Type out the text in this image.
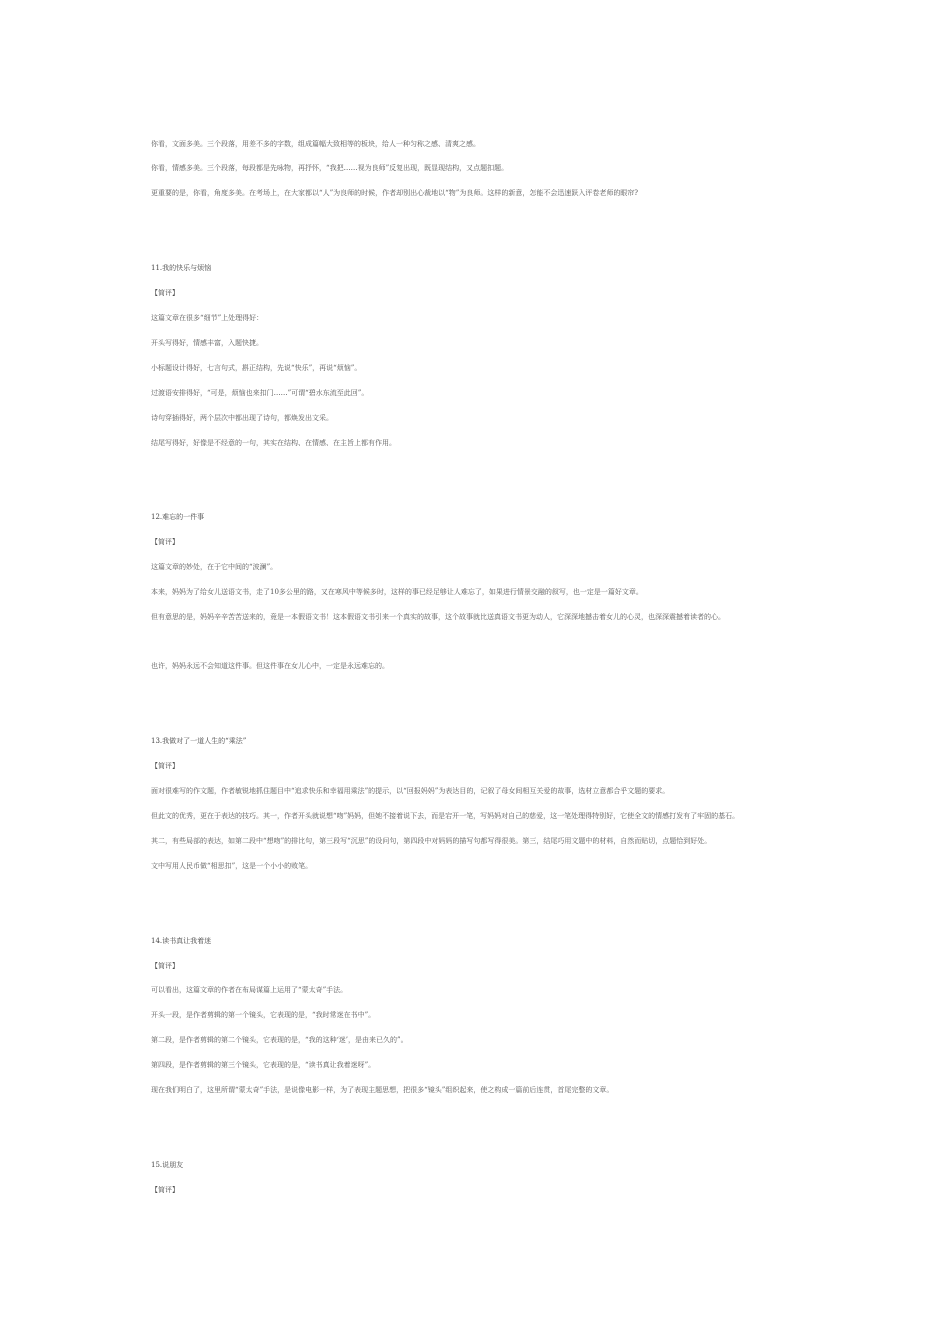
你看，文面多美。三个段落，用差不多的字数，组成篇幅大致相等的板块，给人一种匀称之感、清爽之感。
你看，情感多美。三个段落，每段都是先咏物，再抒怀，“我把……视为良师”反复出现，既显现结构，又点题扣题。
更重要的是，你看，角度多美。在考场上，在大家都以“人”为良师的时候，作者却别出心裁地以“物”为良师。这样的新意，怎能不会迅速跃入评卷老师的眼帘?
11.我的快乐与烦恼
【简评】
这篇文章在很多“细节”上处理得好：
开头写得好，情感丰富，入题快捷。
小标题设计得好，七言句式，斟正结构，先说“快乐”，再说“烦恼”。
过渡语安排得好，“可是，烦恼也来扣门……”可谓“碧水东流至此回”。
诗句穿插得好，两个层次中都出现了诗句，都焕发出文采。
结尾写得好，好像是不经意的一句，其实在结构、在情感、在主旨上都有作用。
12.难忘的一件事
【简评】
这篇文章的妙处，在于它中间的“波澜”。
本来，妈妈为了给女儿送语文书，走了10多公里的路，又在寒风中等候多时，这样的事已经足够让人难忘了，如果进行情景交融的叙写，也一定是一篇好文章。
但有意思的是，妈妈辛辛苦苦送来的，竟是一本假语文书！这本假语文书引来一个真实的故事，这个故事就比送真语文书更为动人，它深深地撼击着女儿的心灵，也深深震撼着读者的心。
也许，妈妈永远不会知道这件事。但这件事在女儿心中，一定是永远难忘的。
13.我做对了一道人生的“乘法”
【简评】
面对很难写的作文题，作者敏锐地抓住题目中“追求快乐和幸福用乘法”的提示，以“回报妈妈”为表达目的，记叙了母女间相互关爱的故事，选材立意都合乎文题的要求。
但此文的优秀，更在于表达的技巧。其一，作者开头就说想“吻”妈妈，但她不接着说下去，而是宕开一笔，写妈妈对自己的慈爱，这一笔处理得特别好，它使全文的情感打发有了牢固的基石。
其二，有些局部的表达，如第二段中“想吻”的排比句，第三段写“沉思”的设问句，第四段中对妈妈的描写句都写得很美。第三，结尾巧用文题中的材料，自然而贴切，点题恰到好处。
文中写用人民币做“相思扣”，这是一个小小的败笔。
14.读书真让我着迷
【简评】
可以看出，这篇文章的作者在布局谋篇上运用了“蒙太奇”手法。
开头一段，是作者剪辑的第一个镜头，它表现的是，“我时常迷在书中”。
第二段，是作者剪辑的第二个镜头，它表现的是，“我的这种‘迷’，是由来已久的”。
第四段，是作者剪辑的第三个镜头，它表现的是，“读书真让我着迷呀”。
现在我们明白了，这里所谓“蒙太奇”手法，是说像电影一样，为了表现主题思想，把很多“镜头”组织起来，使之构成一篇前后连贯，首尾完整的文章。
15.说朋友
【简评】
